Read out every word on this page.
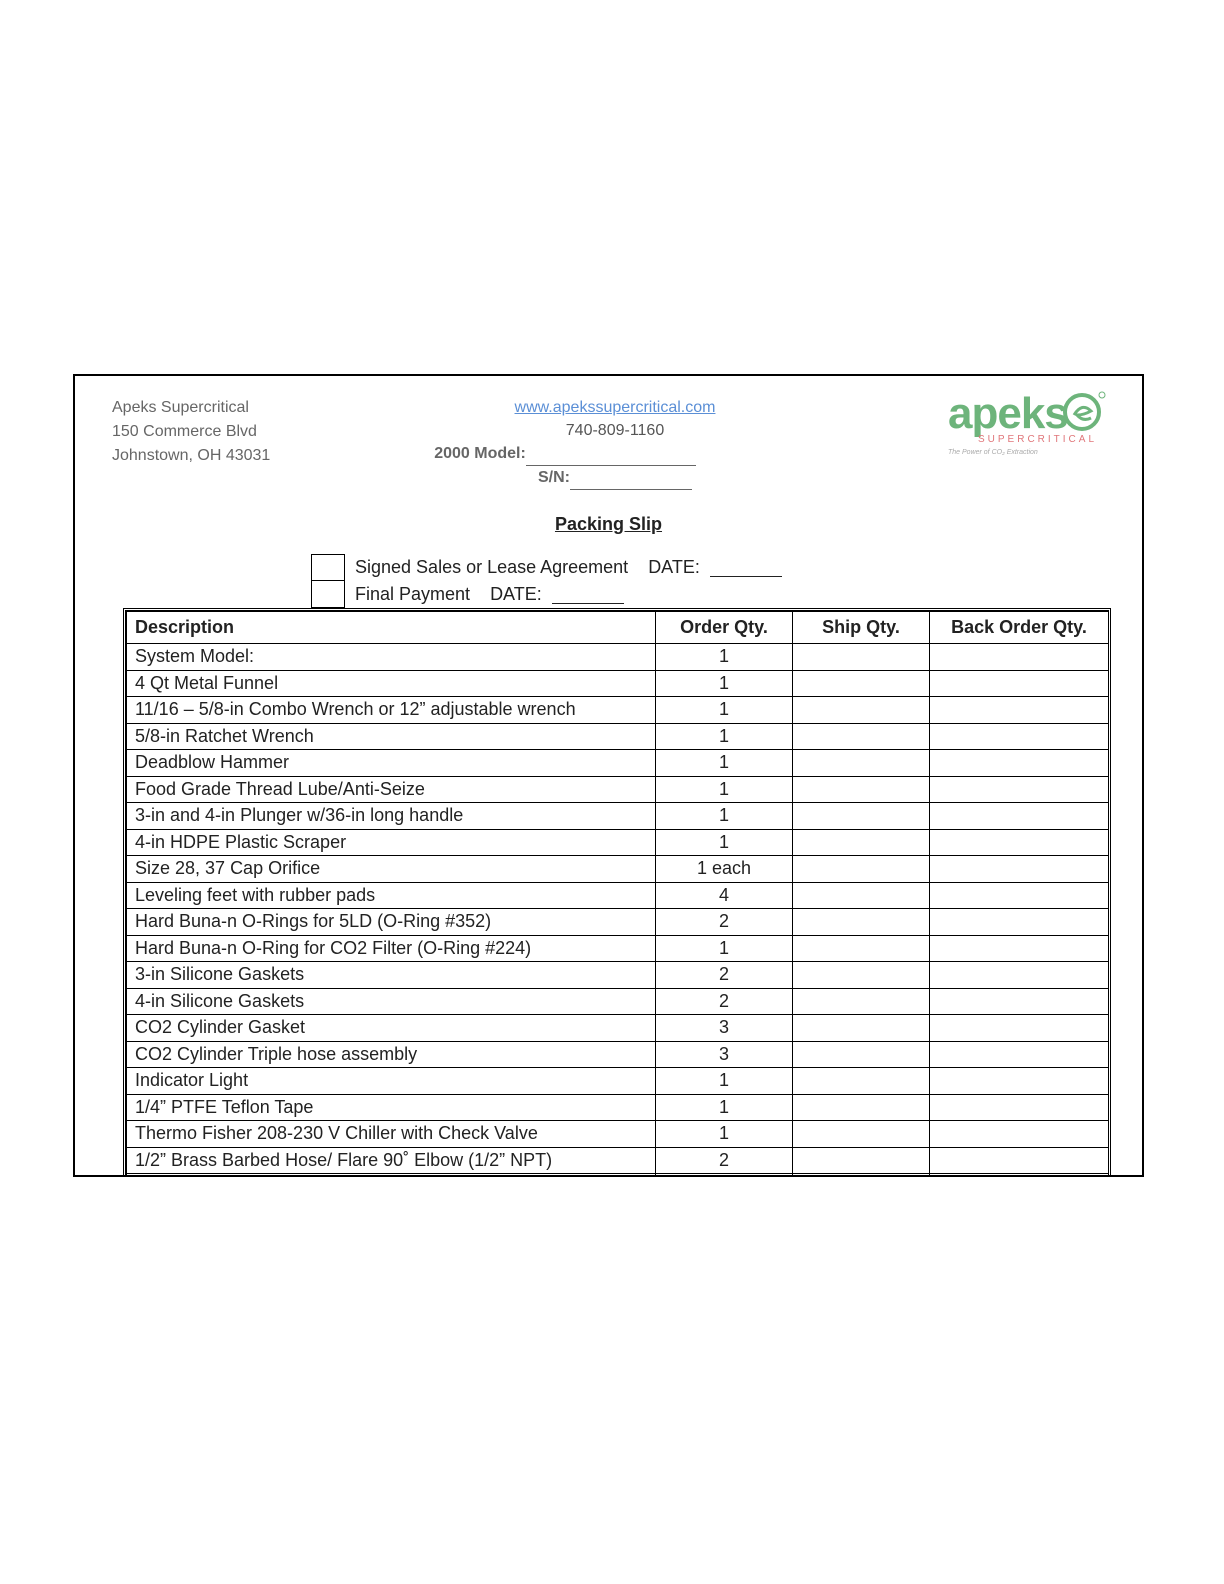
Apeks Supercritical
150 Commerce Blvd
Johnstown, OH 43031
www.apekssupercritical.com
740-809-1160
2000 Model:
S/N:
apeks
SUPERCRITICAL
The Power of CO₂ Extraction
Packing Slip
Signed Sales or Lease Agreement DATE:
Final Payment DATE:
Description	Order Qty.	Ship Qty.	Back Order Qty.
System Model:	1		
4 Qt Metal Funnel	1		
11/16 – 5/8-in Combo Wrench or 12” adjustable wrench	1		
5/8-in Ratchet Wrench	1		
Deadblow Hammer	1		
Food Grade Thread Lube/Anti-Seize	1		
3-in and 4-in Plunger w/36-in long handle	1		
4-in HDPE Plastic Scraper	1		
Size 28, 37 Cap Orifice	1 each		
Leveling feet with rubber pads	4		
Hard Buna-n O-Rings for 5LD (O-Ring #352)	2		
Hard Buna-n O-Ring for CO2 Filter (O-Ring #224)	1		
3-in Silicone Gaskets	2		
4-in Silicone Gaskets	2		
CO2 Cylinder Gasket	3		
CO2 Cylinder Triple hose assembly	3		
Indicator Light	1		
1/4” PTFE Teflon Tape	1		
Thermo Fisher 208-230 V Chiller with Check Valve	1		
1/2” Brass Barbed Hose/ Flare 90˚ Elbow (1/2” NPT)	2		
